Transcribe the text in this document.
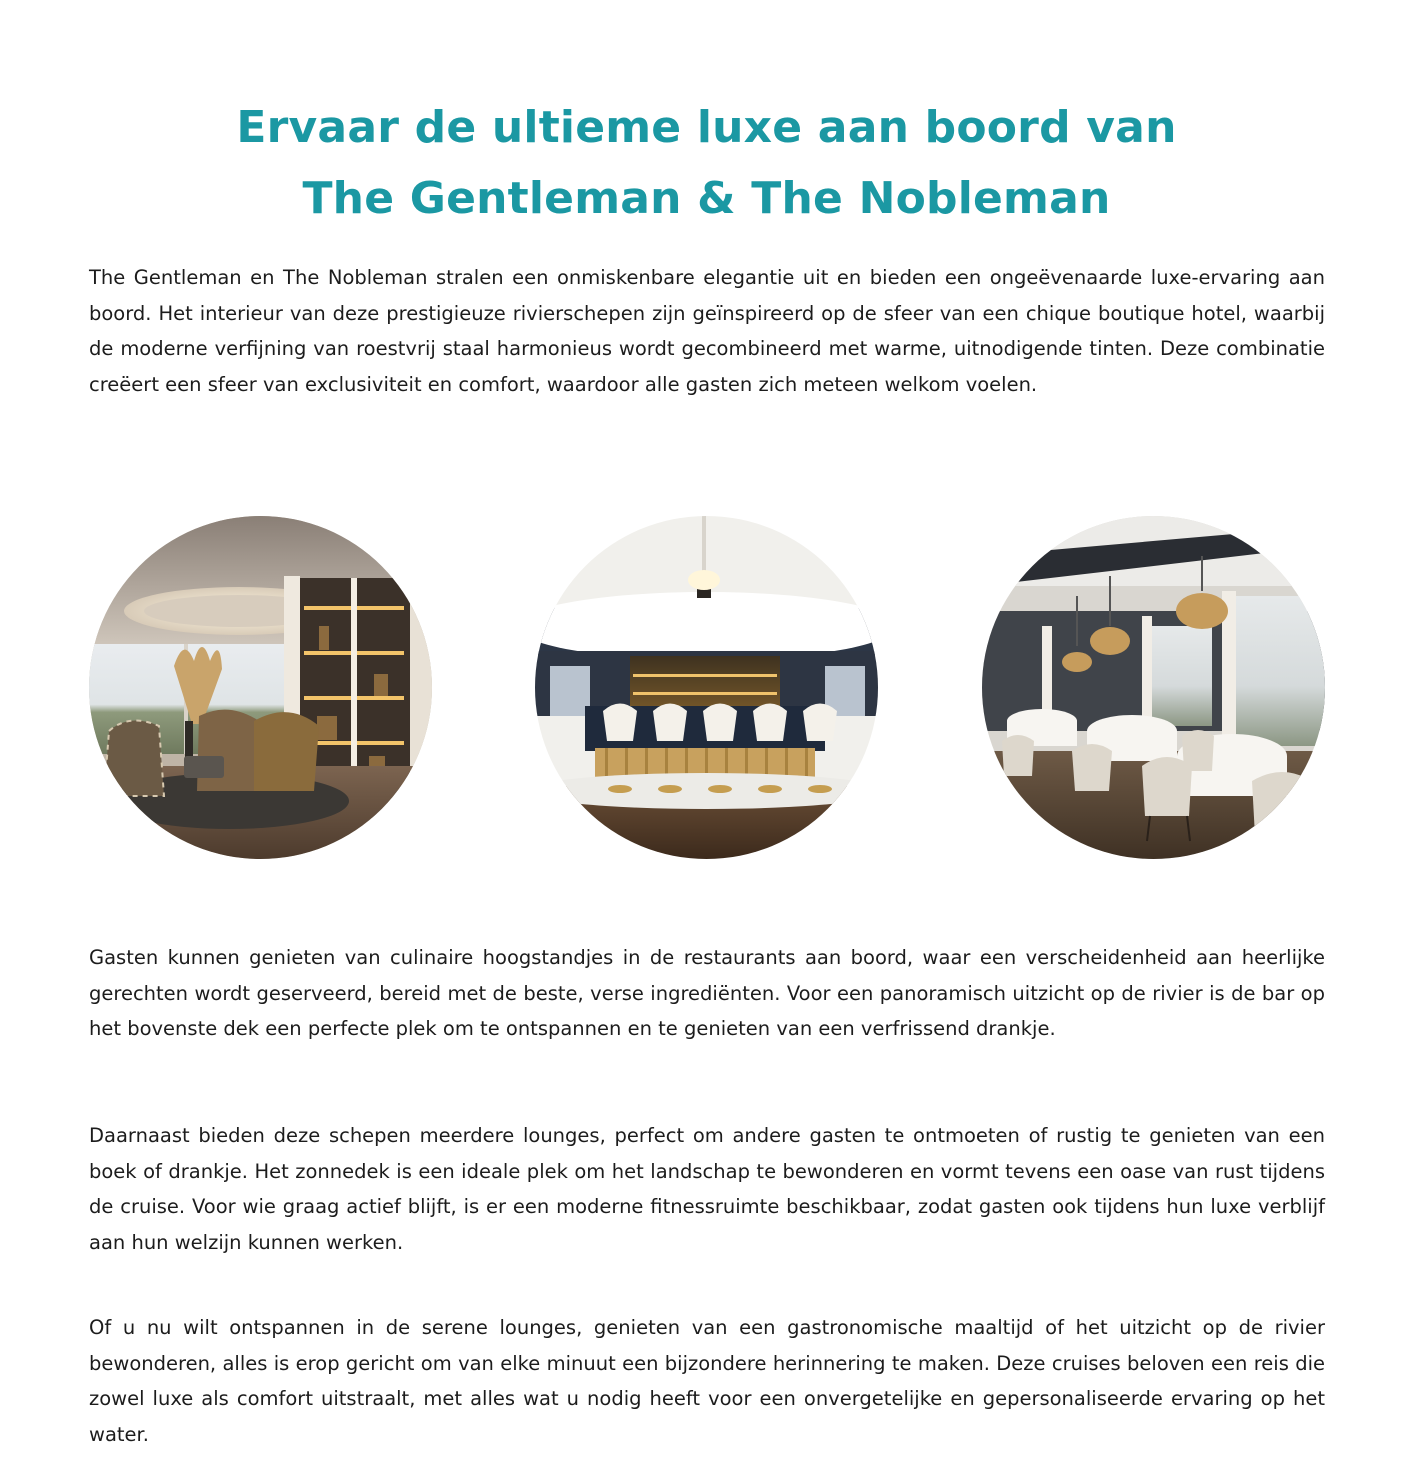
Ervaar de ultieme luxe aan boord van
The Gentleman & The Nobleman

The Gentleman en The Nobleman stralen een onmiskenbare elegantie uit en bieden een ongeëvenaarde luxe-ervaring aan boord. Het interieur van deze prestigieuze rivierschepen zijn geïnspireerd op de sfeer van een chique boutique hotel, waarbij de moderne verfijning van roestvrij staal harmonieus wordt gecombineerd met warme, uitnodigende tinten. Deze combinatie creëert een sfeer van exclusiviteit en comfort, waardoor alle gasten zich meteen welkom voelen.

Gasten kunnen genieten van culinaire hoogstandjes in de restaurants aan boord, waar een verscheidenheid aan heerlijke gerechten wordt geserveerd, bereid met de beste, verse ingrediënten. Voor een panoramisch uitzicht op de rivier is de bar op het bovenste dek een perfecte plek om te ontspannen en te genieten van een verfrissend drankje.

Daarnaast bieden deze schepen meerdere lounges, perfect om andere gasten te ontmoeten of rustig te genieten van een boek of drankje. Het zonnedek is een ideale plek om het landschap te bewonderen en vormt tevens een oase van rust tijdens de cruise. Voor wie graag actief blijft, is er een moderne fitnessruimte beschikbaar, zodat gasten ook tijdens hun luxe verblijf aan hun welzijn kunnen werken.

Of u nu wilt ontspannen in de serene lounges, genieten van een gastronomische maaltijd of het uitzicht op de rivier bewonderen, alles is erop gericht om van elke minuut een bijzondere herinnering te maken. Deze cruises beloven een reis die zowel luxe als comfort uitstraalt, met alles wat u nodig heeft voor een onvergetelijke en gepersonaliseerde ervaring op het water.
